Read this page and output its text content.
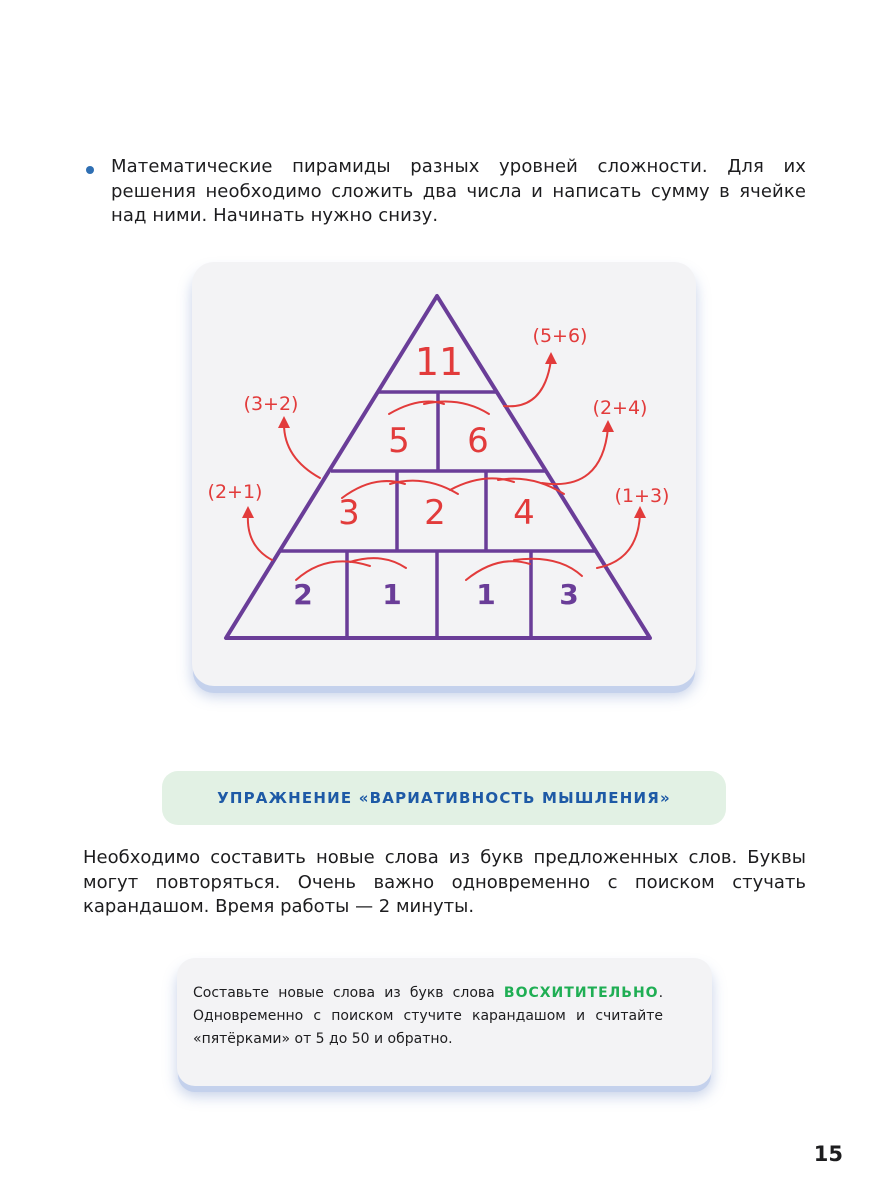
Математические пирамиды разных уровней сложности. Для их решения необходимо сложить два числа и написать сумму в ячейке над ними. Начинать нужно снизу.
(5+6)
(3+2)	(2+4)
(2+1)	(1+3)
11
5 6
3 2 4
2 1	1 3
УПРАЖНЕНИЕ «ВАРИАТИВНОСТЬ МЫШЛЕНИЯ»
Необходимо составить новые слова из букв предложенных слов. Буквы могут повторяться. Очень важно одновременно с поиском стучать карандашом. Время работы — 2 минуты.
Составьте новые слова из букв слова ВОСХИТИТЕЛЬНО. Одновременно с поиском стучите карандашом и считайте «пятёрками» от 5 до 50 и обратно.
15
